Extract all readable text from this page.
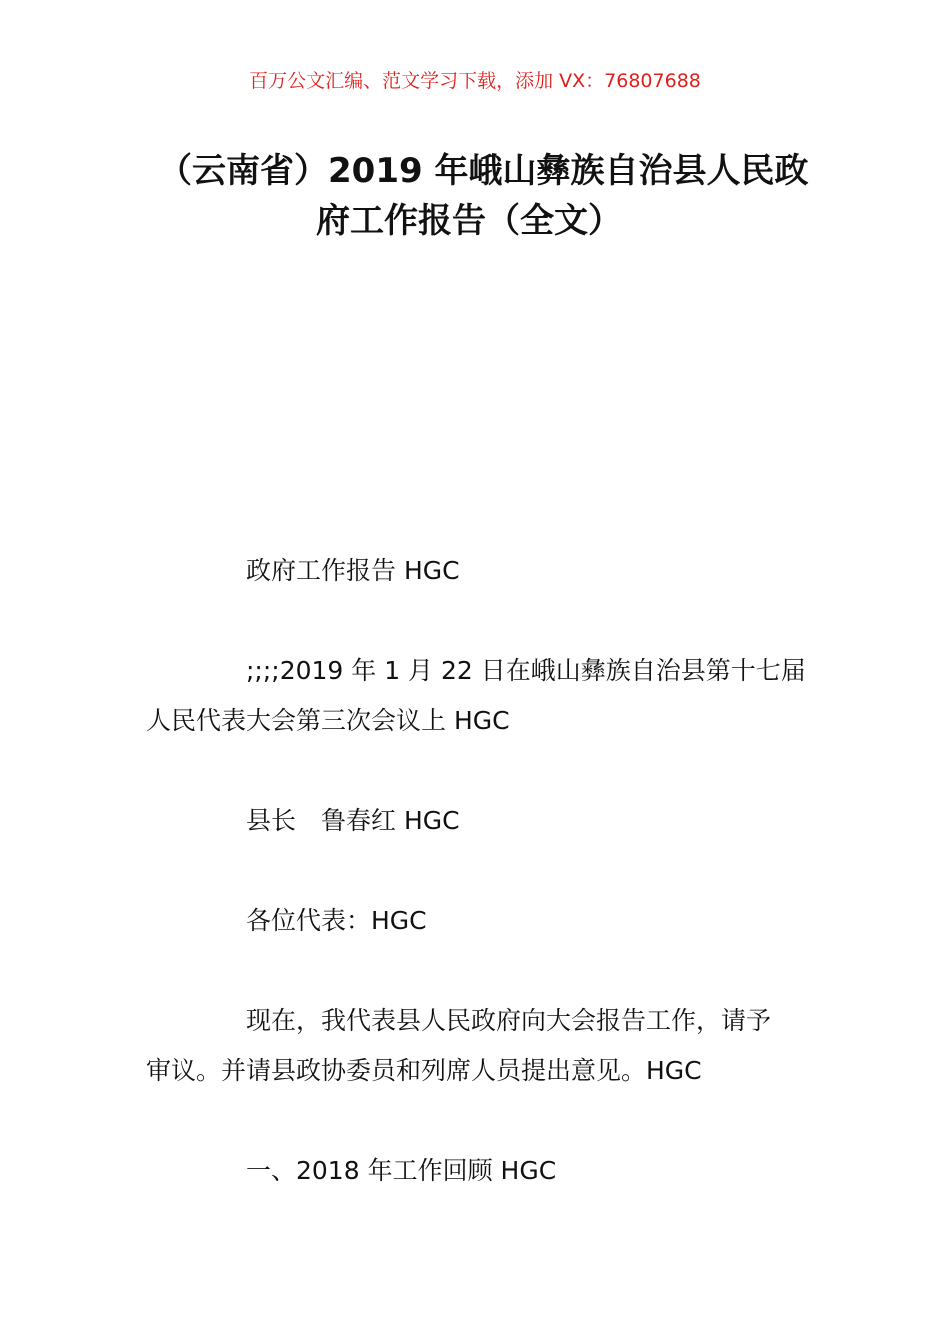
百万公文汇编、范文学习下载，添加 VX：76807688
（云南省）2019 年峨山彝族自治县人民政
府工作报告（全文）
政府工作报告 HGC
;;;;2019 年 1 月 22 日在峨山彝族自治县第十七届
人民代表大会第三次会议上 HGC
县长　鲁春红 HGC
各位代表：HGC
现在，我代表县人民政府向大会报告工作，请予
审议。并请县政协委员和列席人员提出意见。HGC
一、2018 年工作回顾 HGC
